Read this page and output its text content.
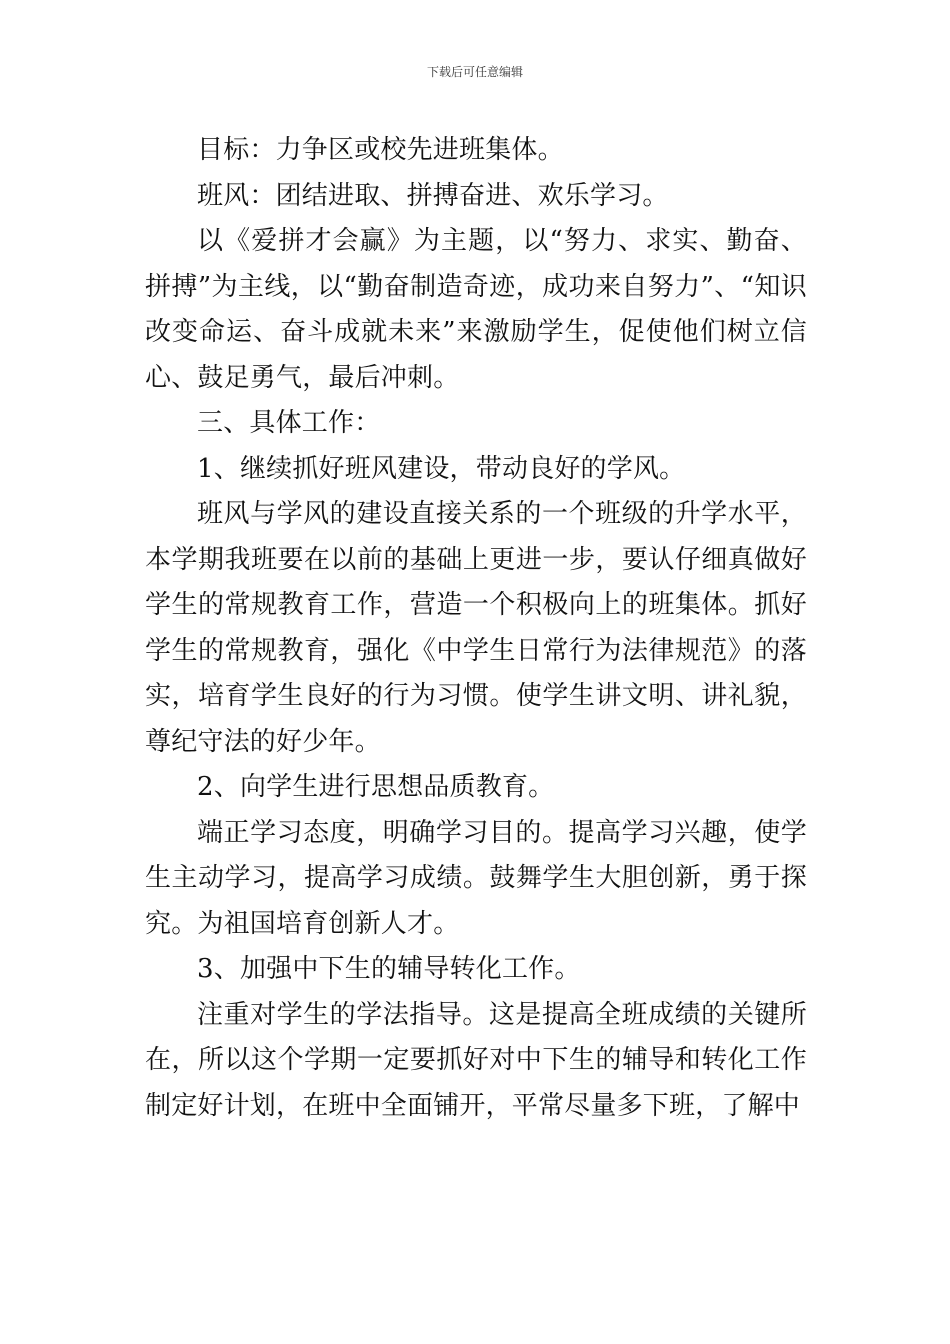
下载后可任意编辑

目标：力争区或校先进班集体。

班风：团结进取、拼搏奋进、欢乐学习。

以《爱拼才会赢》为主题，以“努力、求实、勤奋、拼搏”为主线，以“勤奋制造奇迹，成功来自努力”、“知识改变命运、奋斗成就未来”来激励学生，促使他们树立信心、鼓足勇气，最后冲刺。

三、具体工作：

1、继续抓好班风建设，带动良好的学风。

班风与学风的建设直接关系的一个班级的升学水平，本学期我班要在以前的基础上更进一步，要认仔细真做好学生的常规教育工作，营造一个积极向上的班集体。抓好学生的常规教育，强化《中学生日常行为法律规范》的落实，培育学生良好的行为习惯。使学生讲文明、讲礼貌，尊纪守法的好少年。

2、向学生进行思想品质教育。

端正学习态度，明确学习目的。提高学习兴趣，使学生主动学习，提高学习成绩。鼓舞学生大胆创新，勇于探究。为祖国培育创新人才。

3、加强中下生的辅导转化工作。

注重对学生的学法指导。这是提高全班成绩的关键所在，所以这个学期一定要抓好对中下生的辅导和转化工作制定好计划，在班中全面铺开，平常尽量多下班，了解中
